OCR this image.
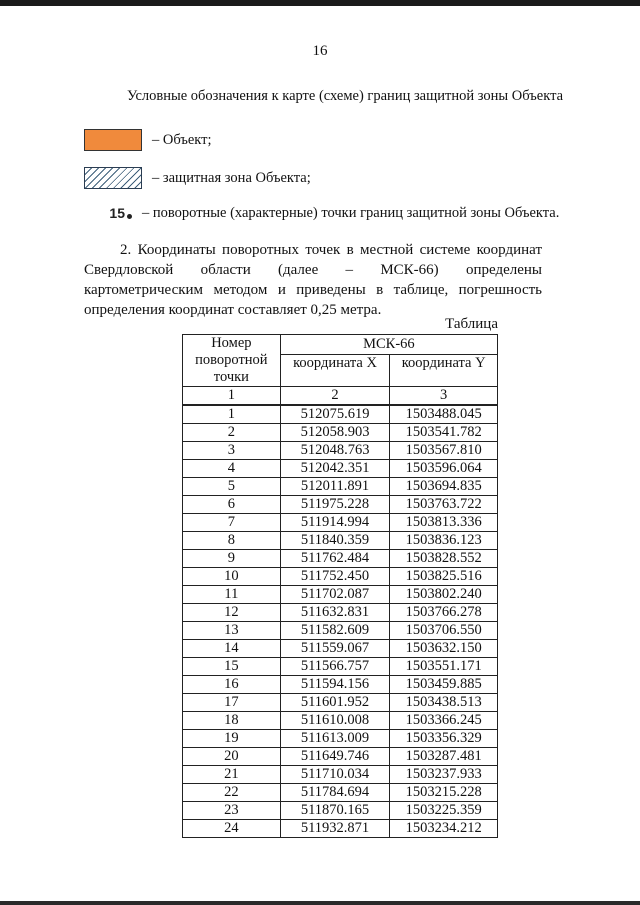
16
Условные обозначения к карте (схеме) границ защитной зоны Объекта
– Объект;
– защитная зона Объекта;
15	– поворотные (характерные) точки границ защитной зоны Объекта.

2. Координаты поворотных точек в местной системе координат Свердловской области (далее – МСК-66) определены картометрическим методом и приведены в таблице, погрешность определения координат составляет 0,25 метра.

Таблица
Номер поворотной точки	МСК-66	
	координата X	координата Y
1	2	3
1	512075.619	1503488.045
2	512058.903	1503541.782
3	512048.763	1503567.810
4	512042.351	1503596.064
5	512011.891	1503694.835
6	511975.228	1503763.722
7	511914.994	1503813.336
8	511840.359	1503836.123
9	511762.484	1503828.552
10	511752.450	1503825.516
11	511702.087	1503802.240
12	511632.831	1503766.278
13	511582.609	1503706.550
14	511559.067	1503632.150
15	511566.757	1503551.171
16	511594.156	1503459.885
17	511601.952	1503438.513
18	511610.008	1503366.245
19	511613.009	1503356.329
20	511649.746	1503287.481
21	511710.034	1503237.933
22	511784.694	1503215.228
23	511870.165	1503225.359
24	511932.871	1503234.212
